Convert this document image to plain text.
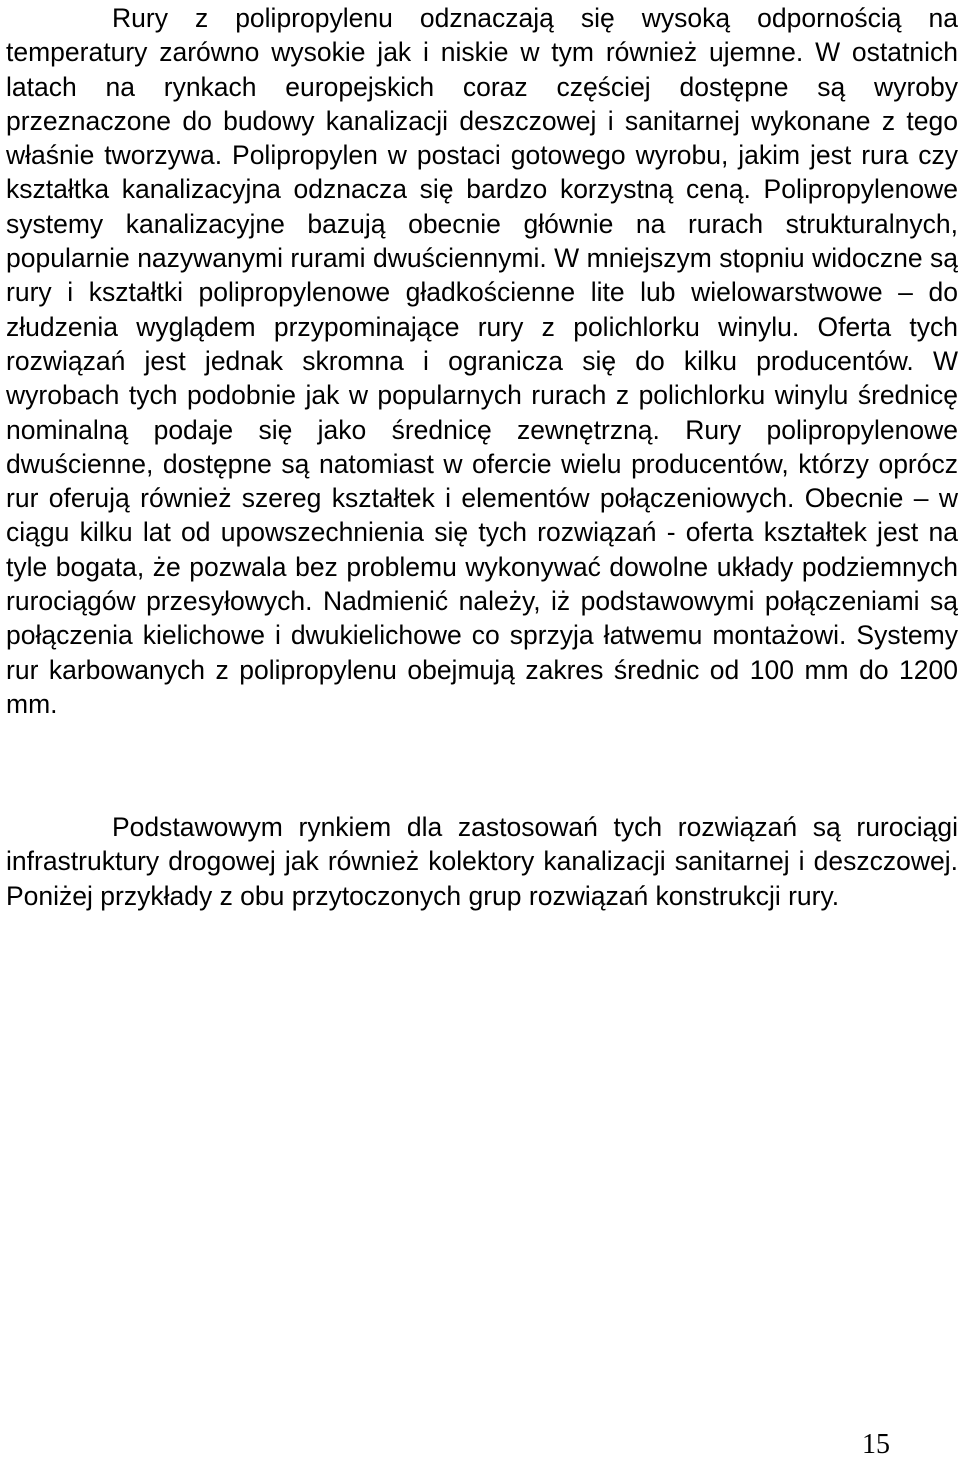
Rury z polipropylenu odznaczają się wysoką odpornością na temperatury zarówno wysokie jak i niskie w tym również ujemne. W ostatnich latach na rynkach europejskich coraz częściej dostępne są wyroby przeznaczone do budowy kanalizacji deszczowej i sanitarnej wykonane z tego właśnie tworzywa. Polipropylen w postaci gotowego wyrobu, jakim jest rura czy kształtka kanalizacyjna odznacza się bardzo korzystną ceną. Polipropylenowe systemy kanalizacyjne bazują obecnie głównie na rurach strukturalnych, popularnie nazywanymi rurami dwuściennymi. W mniejszym stopniu widoczne są rury i kształtki polipropylenowe gładkościenne lite lub wielowarstwowe – do złudzenia wyglądem przypominające rury z polichlorku winylu. Oferta tych rozwiązań jest jednak skromna i ogranicza się do kilku producentów. W wyrobach tych podobnie jak w popularnych rurach z polichlorku winylu średnicę nominalną podaje się jako średnicę zewnętrzną. Rury polipropylenowe dwuścienne, dostępne są natomiast w ofercie wielu producentów, którzy oprócz rur oferują również szereg kształtek i elementów połączeniowych. Obecnie – w ciągu kilku lat od upowszechnienia się tych rozwiązań - oferta kształtek jest na tyle bogata, że pozwala bez problemu wykonywać dowolne układy podziemnych rurociągów przesyłowych. Nadmienić należy, iż podstawowymi połączeniami są połączenia kielichowe i dwukielichowe co sprzyja łatwemu montażowi. Systemy rur karbowanych z polipropylenu obejmują zakres średnic od 100 mm do 1200 mm.

Podstawowym rynkiem dla zastosowań tych rozwiązań są rurociągi infrastruktury drogowej jak również kolektory kanalizacji sanitarnej i deszczowej. Poniżej przykłady z obu przytoczonych grup rozwiązań konstrukcji rury.

15
